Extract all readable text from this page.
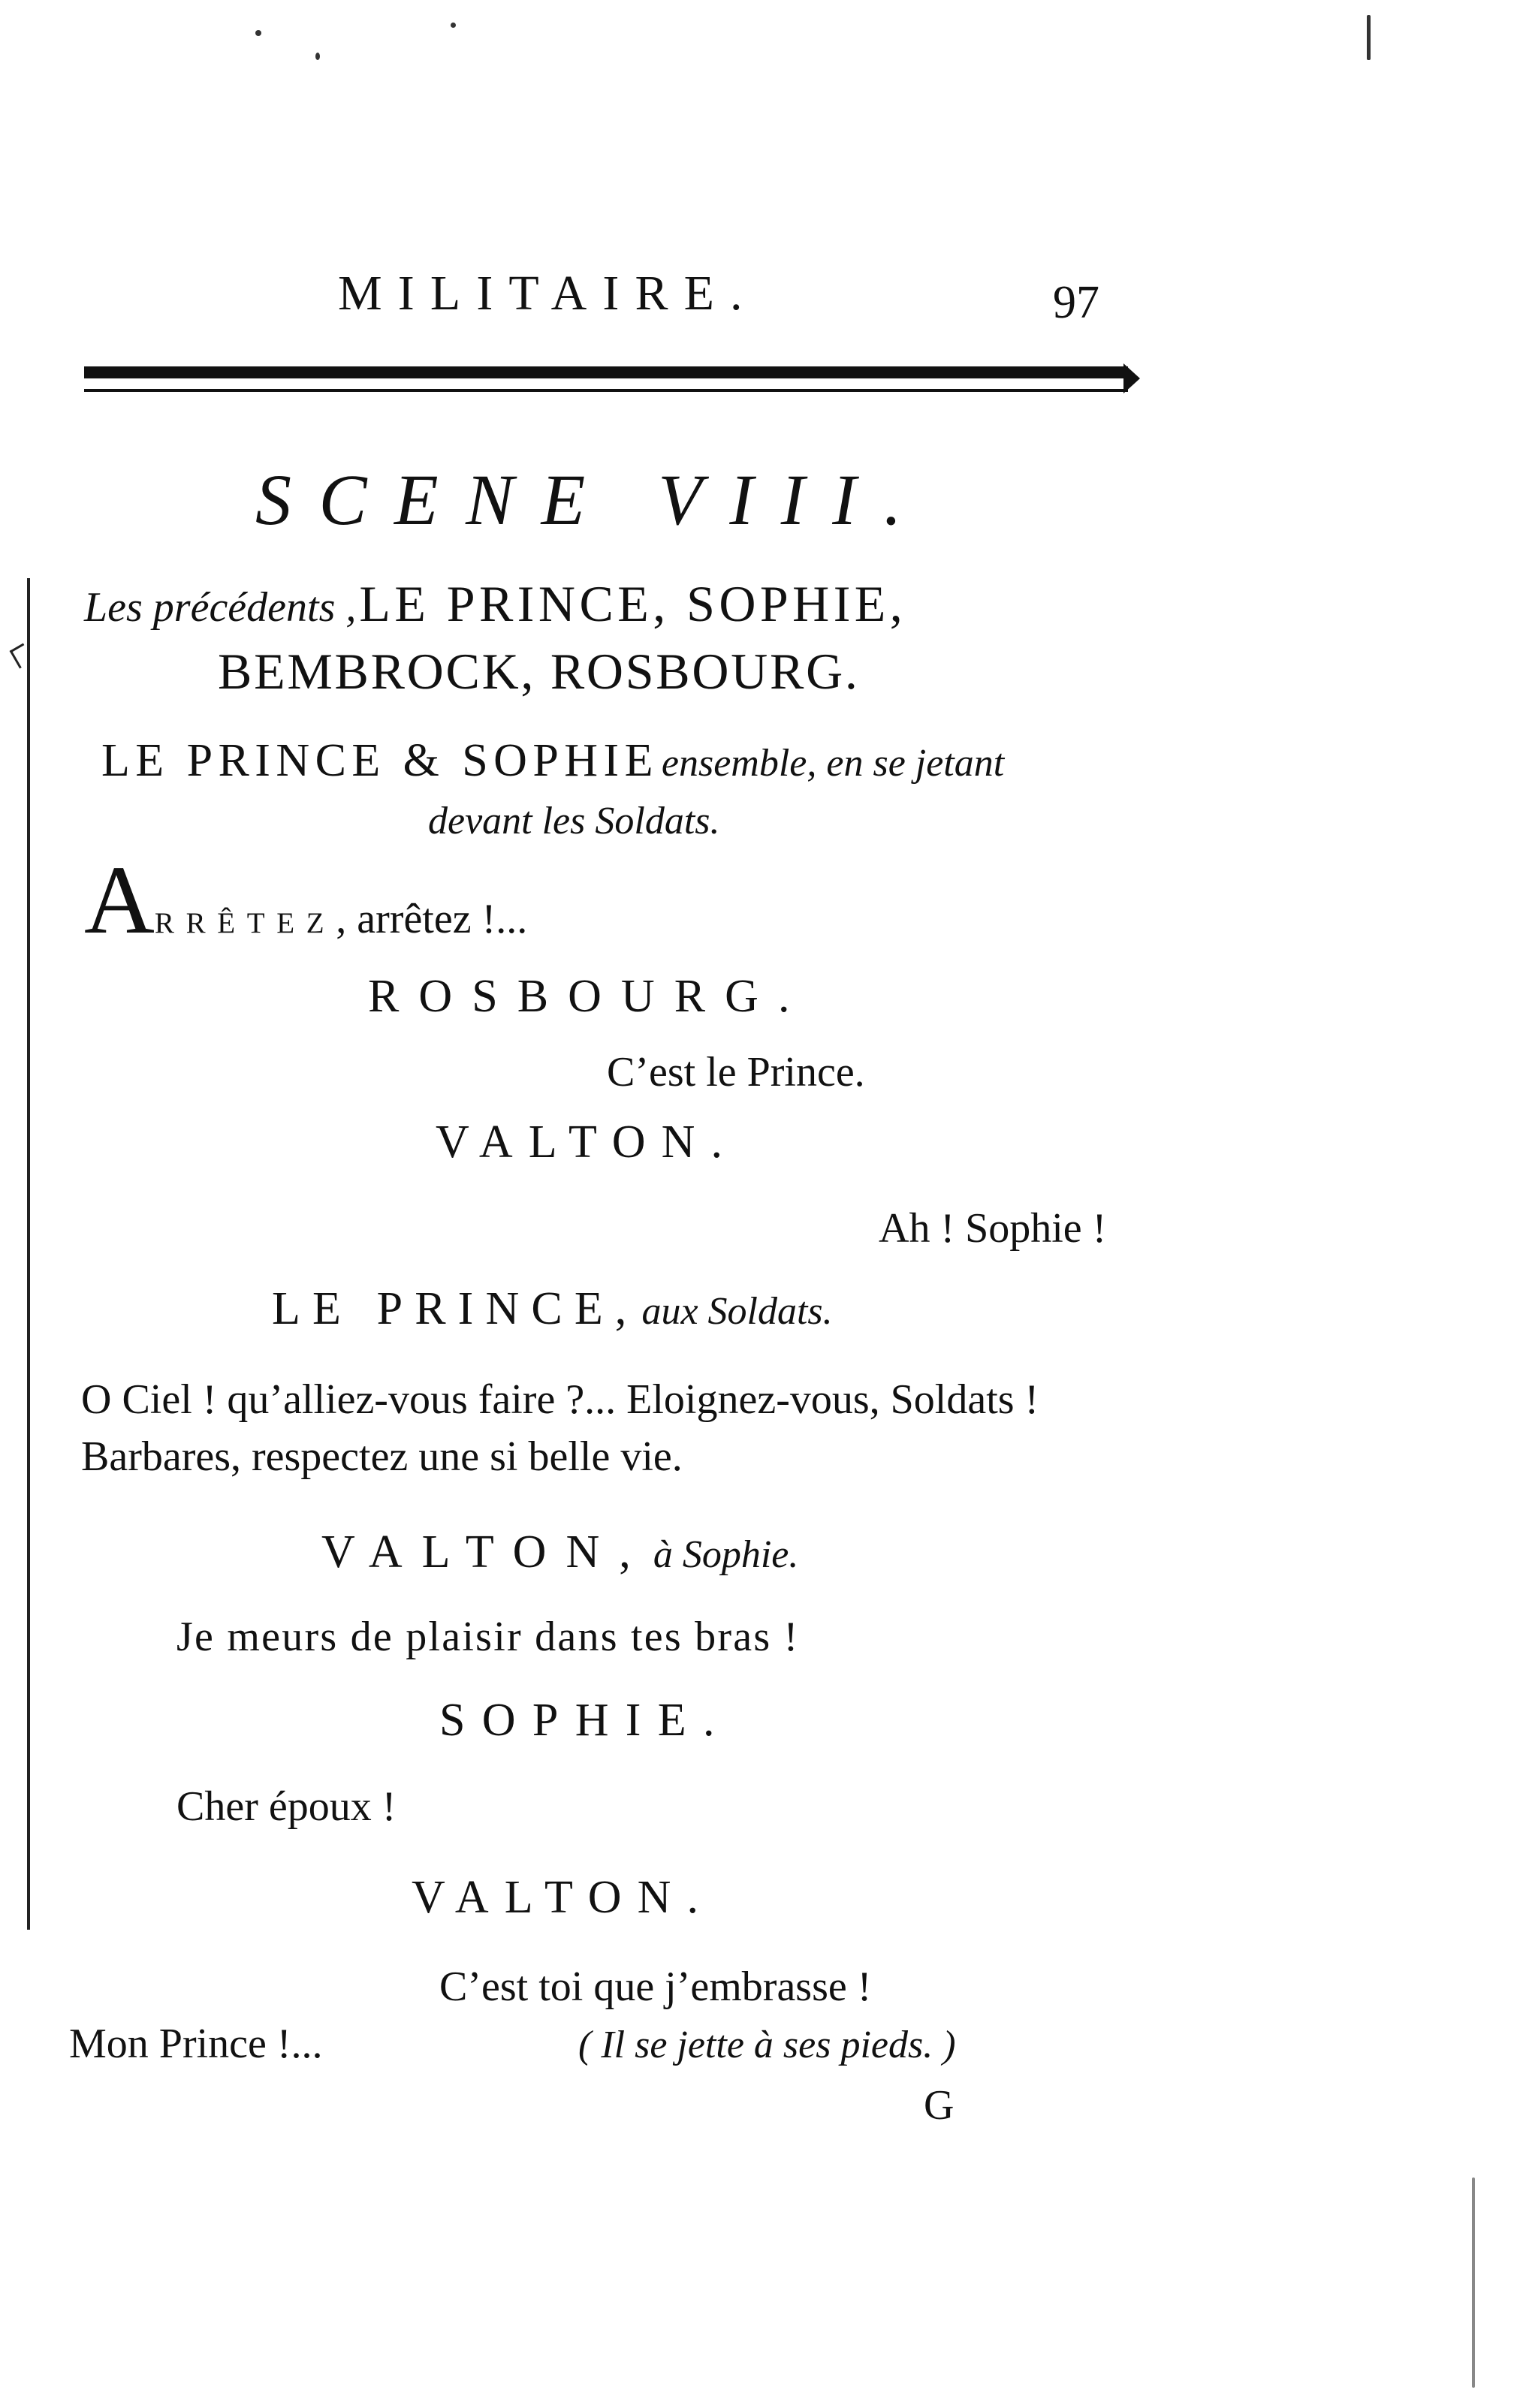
MILITAIRE.	97
SCENE VIII.
Les précédents , LE PRINCE, SOPHIE,
BEMBROCK, ROSBOURG.
LE PRINCE & SOPHIE ensemble, en se jetant
devant les Soldats.
Arrêtez, arrêtez !...
ROSBOURG.
C’est le Prince.
VALTON.
Ah ! Sophie !
LE PRINCE, aux Soldats.
O Ciel ! qu’alliez-vous faire ?... Eloignez-vous, Soldats !
Barbares, respectez une si belle vie.
VALTON, à Sophie.
Je meurs de plaisir dans tes bras !
SOPHIE.
Cher époux !
VALTON.
C’est toi que j’embrasse !
Mon Prince !...	( Il se jette à ses pieds. )
G
